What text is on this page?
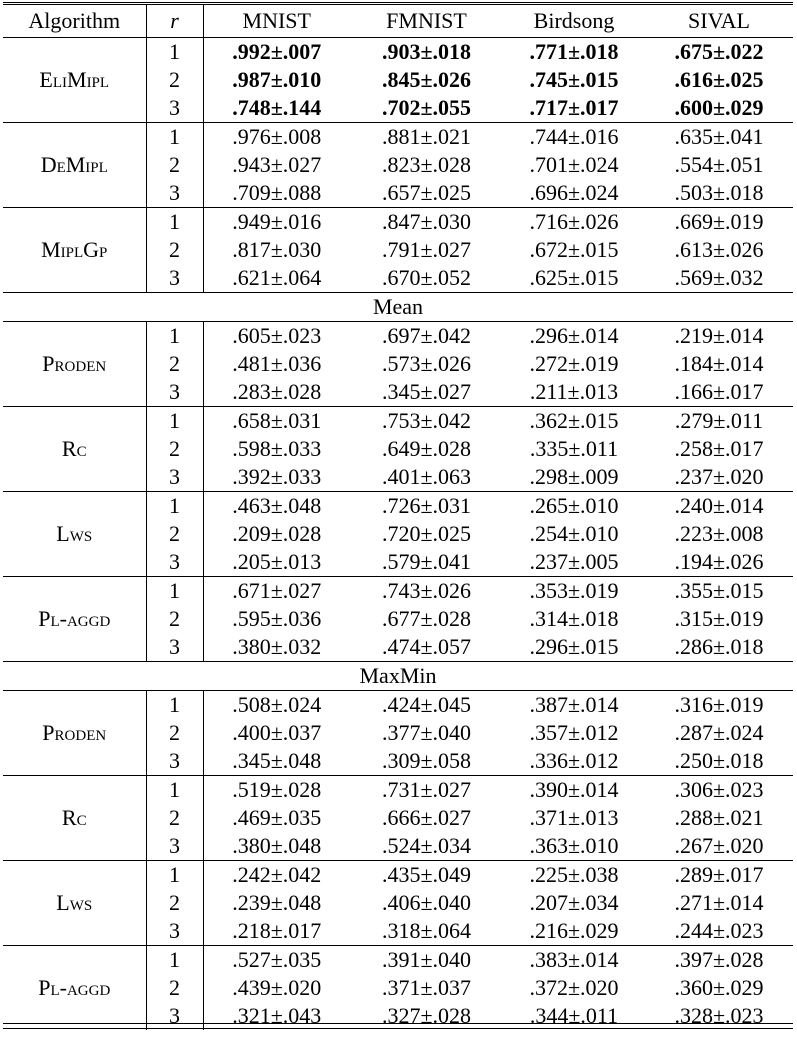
Algorithm	r	MNIST	FMNIST	Birdsong	SIVAL
EliMipl	1	.992±.007	.903±.018	.771±.018	.675±.022
	2	.987±.010	.845±.026	.745±.015	.616±.025
	3	.748±.144	.702±.055	.717±.017	.600±.029
DeMipl	1	.976±.008	.881±.021	.744±.016	.635±.041
	2	.943±.027	.823±.028	.701±.024	.554±.051
	3	.709±.088	.657±.025	.696±.024	.503±.018
MiplGp	1	.949±.016	.847±.030	.716±.026	.669±.019
	2	.817±.030	.791±.027	.672±.015	.613±.026
	3	.621±.064	.670±.052	.625±.015	.569±.032
Mean					
Proden	1	.605±.023	.697±.042	.296±.014	.219±.014
	2	.481±.036	.573±.026	.272±.019	.184±.014
	3	.283±.028	.345±.027	.211±.013	.166±.017
Rc	1	.658±.031	.753±.042	.362±.015	.279±.011
	2	.598±.033	.649±.028	.335±.011	.258±.017
	3	.392±.033	.401±.063	.298±.009	.237±.020
Lws	1	.463±.048	.726±.031	.265±.010	.240±.014
	2	.209±.028	.720±.025	.254±.010	.223±.008
	3	.205±.013	.579±.041	.237±.005	.194±.026
Pl-aggd	1	.671±.027	.743±.026	.353±.019	.355±.015
	2	.595±.036	.677±.028	.314±.018	.315±.019
	3	.380±.032	.474±.057	.296±.015	.286±.018
MaxMin					
Proden	1	.508±.024	.424±.045	.387±.014	.316±.019
	2	.400±.037	.377±.040	.357±.012	.287±.024
	3	.345±.048	.309±.058	.336±.012	.250±.018
Rc	1	.519±.028	.731±.027	.390±.014	.306±.023
	2	.469±.035	.666±.027	.371±.013	.288±.021
	3	.380±.048	.524±.034	.363±.010	.267±.020
Lws	1	.242±.042	.435±.049	.225±.038	.289±.017
	2	.239±.048	.406±.040	.207±.034	.271±.014
	3	.218±.017	.318±.064	.216±.029	.244±.023
Pl-aggd	1	.527±.035	.391±.040	.383±.014	.397±.028
	2	.439±.020	.371±.037	.372±.020	.360±.029
	3	.321±.043	.327±.028	.344±.011	.328±.023
